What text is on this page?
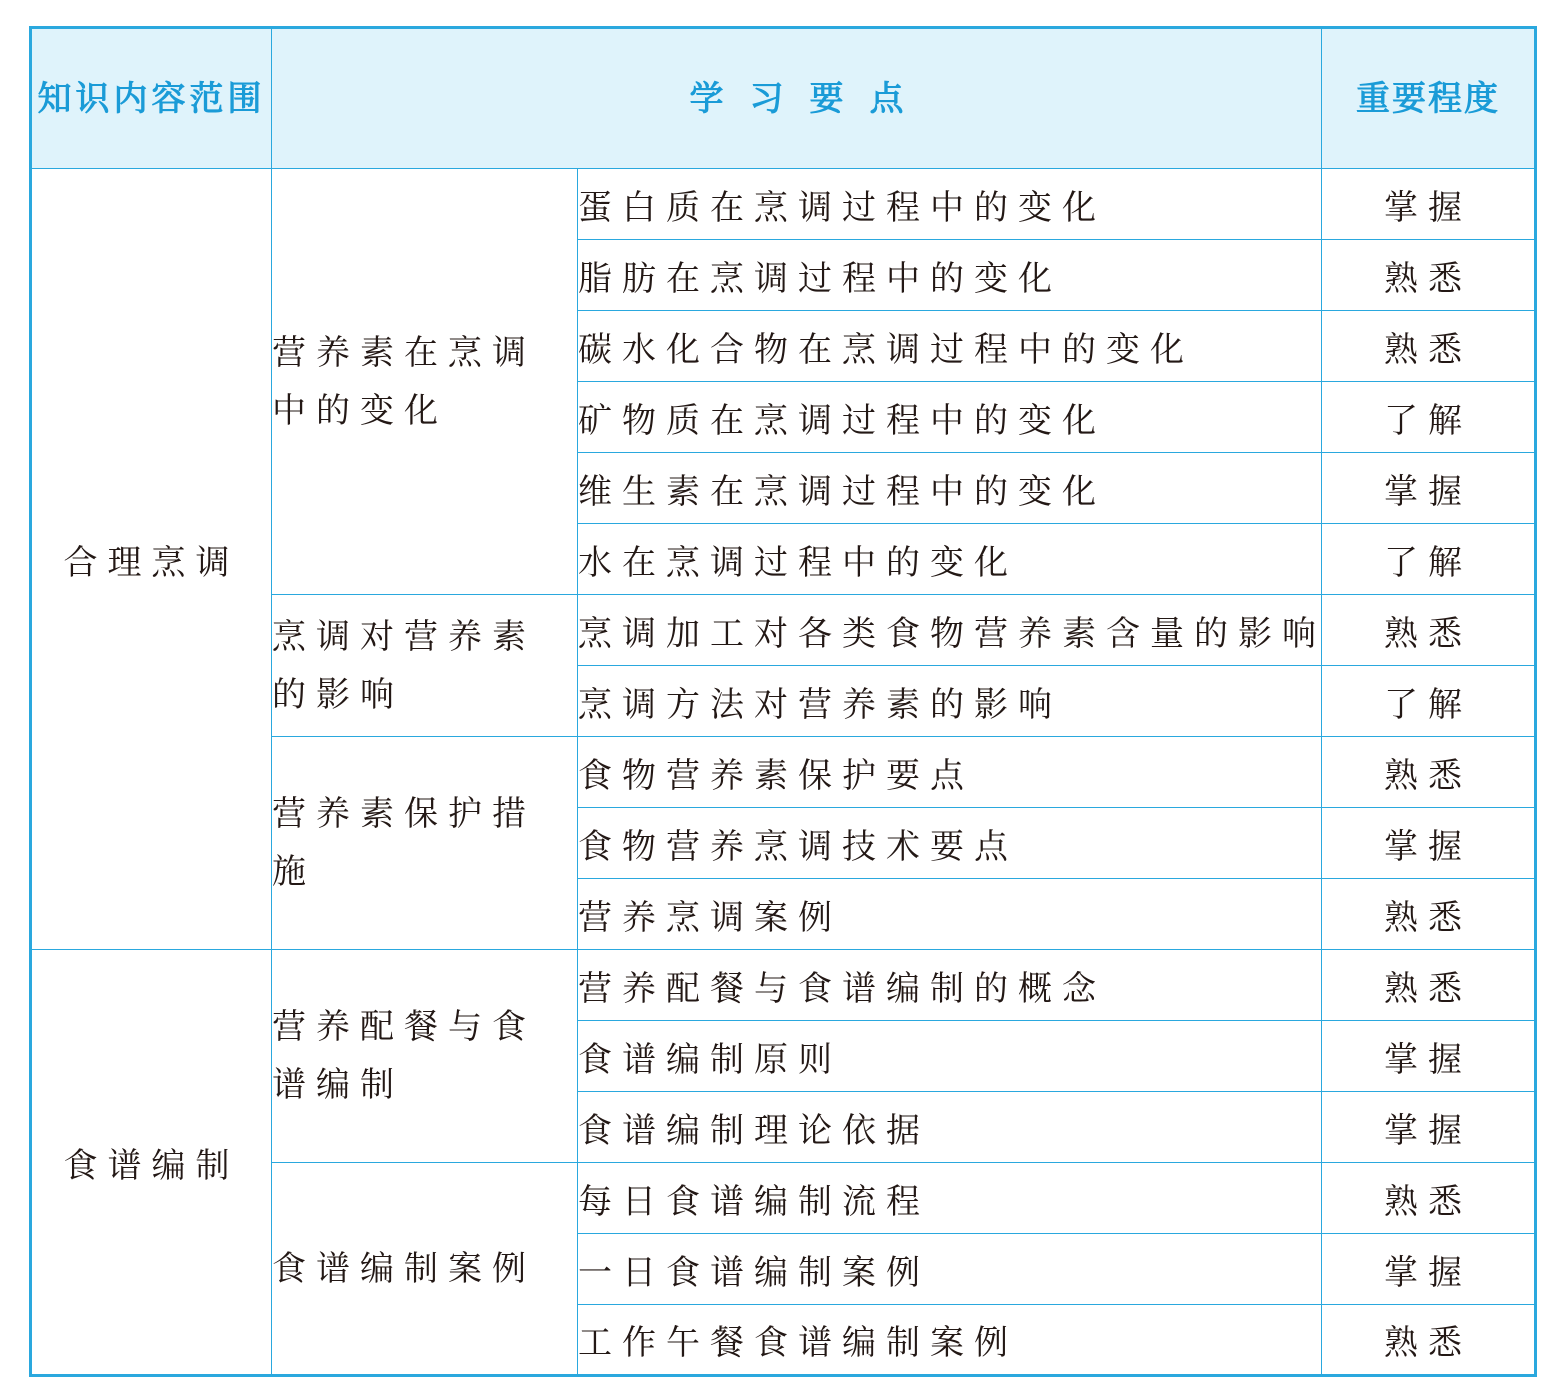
知识内容范围	学习要点		重要程度
合理烹调	营养素在烹调中的变化	蛋白质在烹调过程中的变化	掌握
		脂肪在烹调过程中的变化	熟悉
		碳水化合物在烹调过程中的变化	熟悉
		矿物质在烹调过程中的变化	了解
		维生素在烹调过程中的变化	掌握
		水在烹调过程中的变化	了解
	烹调对营养素的影响	烹调加工对各类食物营养素含量的影响	熟悉
		烹调方法对营养素的影响	了解
	营养素保护措施	食物营养素保护要点	熟悉
		食物营养烹调技术要点	掌握
		营养烹调案例	熟悉
食谱编制	营养配餐与食谱编制	营养配餐与食谱编制的概念	熟悉
		食谱编制原则	掌握
		食谱编制理论依据	掌握
	食谱编制案例	每日食谱编制流程	熟悉
		一日食谱编制案例	掌握
		工作午餐食谱编制案例	熟悉
